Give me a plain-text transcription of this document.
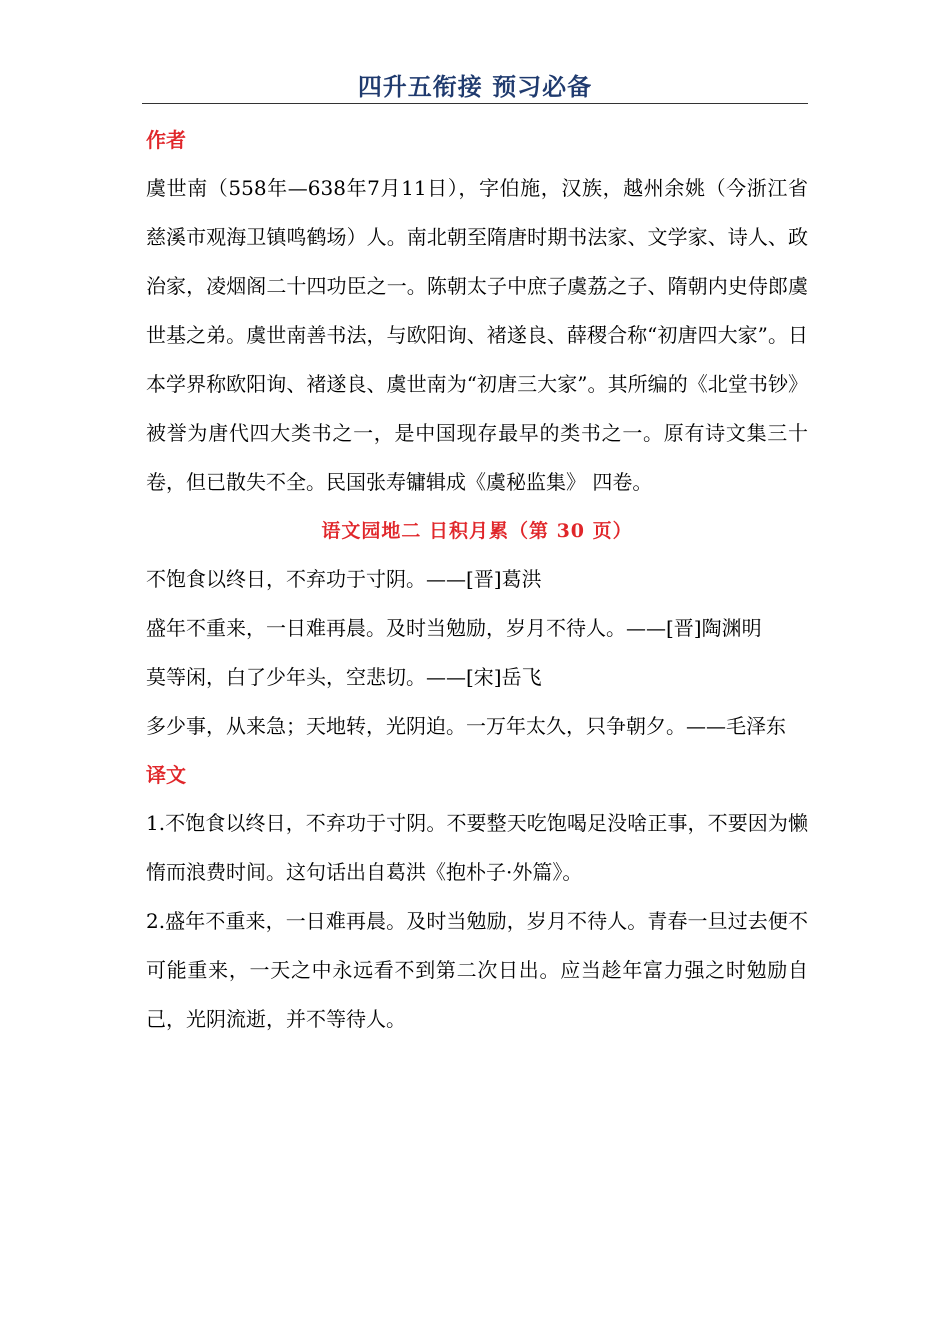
四升五衔接 预习必备

作者

虞世南（558年—638年7月11日），字伯施，汉族，越州余姚（今浙江省慈溪市观海卫镇鸣鹤场）人。南北朝至隋唐时期书法家、文学家、诗人、政治家，凌烟阁二十四功臣之一。陈朝太子中庶子虞荔之子、隋朝内史侍郎虞世基之弟。虞世南善书法，与欧阳询、褚遂良、薛稷合称“初唐四大家”。日本学界称欧阳询、褚遂良、虞世南为“初唐三大家”。其所编的《北堂书钞》被誉为唐代四大类书之一，是中国现存最早的类书之一。原有诗文集三十卷，但已散失不全。民国张寿镛辑成《虞秘监集》 四卷。

语文园地二 日积月累（第 30 页）

不饱食以终日，不弃功于寸阴。——[晋]葛洪

盛年不重来，一日难再晨。及时当勉励，岁月不待人。——[晋]陶渊明

莫等闲，白了少年头，空悲切。——[宋]岳飞

多少事，从来急；天地转，光阴迫。一万年太久，只争朝夕。——毛泽东

译文

1.不饱食以终日，不弃功于寸阴。不要整天吃饱喝足没啥正事，不要因为懒惰而浪费时间。这句话出自葛洪《抱朴子·外篇》。

2.盛年不重来，一日难再晨。及时当勉励，岁月不待人。青春一旦过去便不可能重来，一天之中永远看不到第二次日出。应当趁年富力强之时勉励自己，光阴流逝，并不等待人。
